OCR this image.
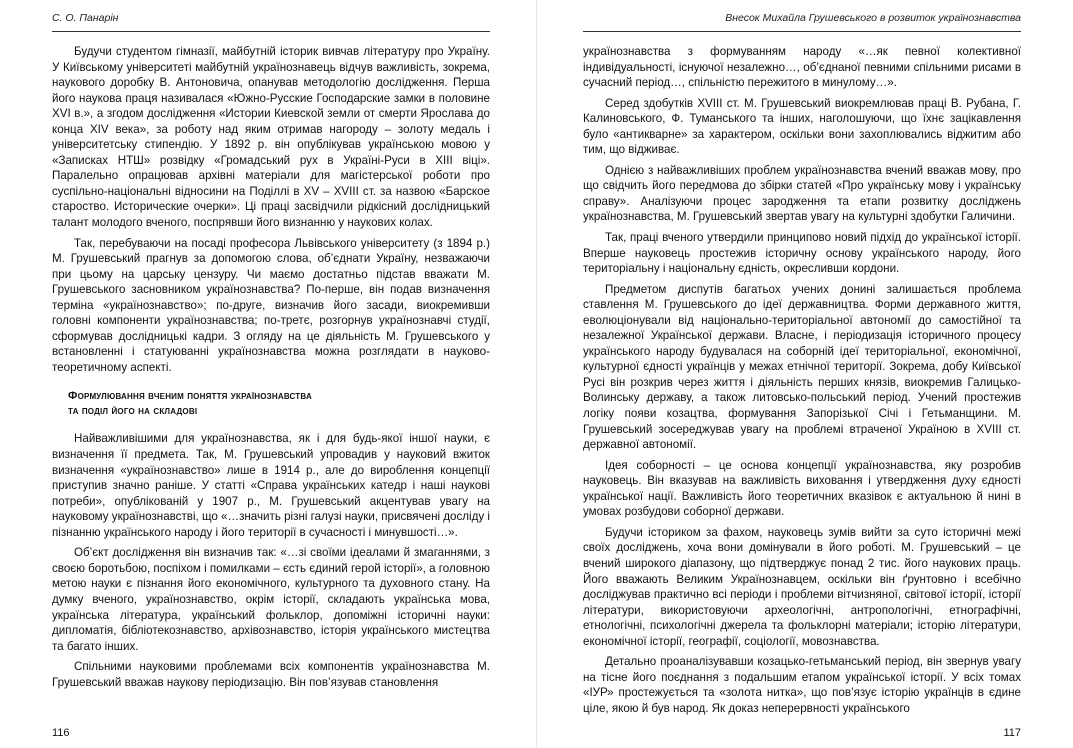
С. О. Панарін

Будучи студентом гімназії, майбутній історик вивчав літературу про Україну. У Київському університеті майбутній українознавець відчув важливість, зокрема, наукового доробку В. Антоновича, опанував методологію дослідження. Перша його наукова праця називалася «Южно-Русские Господарские замки в половине XVI в.», а згодом дослідження «Истории Киевской земли от смерти Ярослава до конца XIV века», за роботу над яким отримав нагороду – золоту медаль і університетську стипендію. У 1892 р. він опублікував українською мовою у «Записках НТШ» розвідку «Громадський рух в Україні-Руси в XIII віці». Паралельно опрацював архівні матеріали для магістерської роботи про суспільно-національні відносини на Поділлі в XV – XVIII ст. за назвою «Барское староство. Исторические очерки». Ці праці засвідчили рідкісний дослідницький талант молодого вченого, поспрявши його визнанню у наукових колах.

Так, перебуваючи на посаді професора Львівського університету (з 1894 р.) М. Грушевський прагнув за допомогою слова, об’єднати Україну, незважаючи при цьому на царську цензуру. Чи маємо достатньо підстав вважати М. Грушевського засновником українознавства? По-перше, він подав визначення терміна «українознавство»; по-друге, визначив його засади, виокремивши головні компоненти українознавства; по-третє, розгорнув українознавчі студії, сформував дослідницькі кадри. З огляду на це діяльність М. Грушевського у встановленні і статуюванні українознавства можна розглядати в науково-теоретичному аспекті.

Формулювання вченим поняття українознавства
та поділ його на складові

Найважливішими для українознавства, як і для будь-якої іншої науки, є визначення її предмета. Так, М. Грушевський упровадив у науковий вжиток визначення «українознавство» лише в 1914 р., але до вироблення концепції приступив значно раніше. У статті «Справа українських катедр і наші наукові потреби», опублікованій у 1907 р., М. Грушевський акцентував увагу на науковому українознавстві, що «…значить різні галузі науки, присвячені досліду і пізнанню українського народу і його території в сучасності і минувшості…».

Об’єкт дослідження він визначив так: «…зі своїми ідеалами й змаганнями, з своєю боротьбою, поспіхом і помилками – єсть єдиний герой історії», а головною метою науки є пізнання його економічного, культурного та духовного стану. На думку вченого, українознавство, окрім історії, складають українська мова, українська література, український фольклор, допоміжні історичні науки: дипломатія, бібліотекознавство, архівознавство, історія українського мистецтва та багато інших.

Спільними науковими проблемами всіх компонентів українознавства М. Грушевський вважав наукову періодизацію. Він пов’язував становлення

116
Внесок Михайла Грушевського в розвиток українознавства

українознавства з формуванням народу «…як певної колективної індивідуальності, існуючої незалежно…, об’єднаної певними спільними рисами в сучасний період…, спільністю пережитого в минулому…».

Серед здобутків XVIII ст. М. Грушевський виокремлював праці В. Рубана, Г. Калиновського, Ф. Туманського та інших, наголошуючи, що їхнє зацікавлення було «антикварне» за характером, оскільки вони захоплювались віджитим або тим, що відживає.

Однією з найважливіших проблем українознавства вчений вважав мову, про що свідчить його передмова до збірки статей «Про українську мову і українську справу». Аналізуючи процес зародження та етапи розвитку досліджень українознавства, М. Грушевський звертав увагу на культурні здобутки Галичини.

Так, праці вченого утвердили принципово новий підхід до української історії. Вперше науковець простежив історичну основу українського народу, його територіальну і національну єдність, окресливши кордони.

Предметом диспутів багатьох учених донині залишається проблема ставлення М. Грушевського до ідеї державництва. Форми державного життя, еволюціонували від національно-територіальної автономії до самостійної та незалежної Української держави. Власне, і періодизація історичного процесу українського народу будувалася на соборній ідеї територіальної, економічної, культурної єдності українців у межах етнічної території. Зокрема, добу Київської Русі він розкрив через життя і діяльність перших князів, виокремив Галицько-Волинську державу, а також литовсько-польський період. Учений простежив логіку появи козацтва, формування Запорізької Січі і Гетьманщини. М. Грушевський зосереджував увагу на проблемі втраченої Україною в XVIII ст. державної автономії.

Ідея соборності – це основа концепції українознавства, яку розробив науковець. Він вказував на важливість виховання і утвердження духу єдності української нації. Важливість його теоретичних вказівок є актуальною й нині в умовах розбудови соборної держави.

Будучи істориком за фахом, науковець зумів вийти за суто історичні межі своїх досліджень, хоча вони домінували в його роботі. М. Грушевський – це вчений широкого діапазону, що підтверджує понад 2 тис. його наукових праць. Його вважають Великим Українознавцем, оскільки він ґрунтовно і всебічно досліджував практично всі періоди і проблеми вітчизняної, світової історії, історії літератури, використовуючи археологічні, антропологічні, етнографічні, етнологічні, психологічні джерела та фольклорні матеріали; історію літератури, економічної історії, географії, соціології, мовознавства.

Детально проаналізувавши козацько-гетьманський період, він звернув увагу на тісне його поєднання з подальшим етапом української історії. У всіх томах «ІУР» простежується та «золота нитка», що пов’язує історію українців в єдине ціле, якою й був народ. Як доказ неперервності українського

117
